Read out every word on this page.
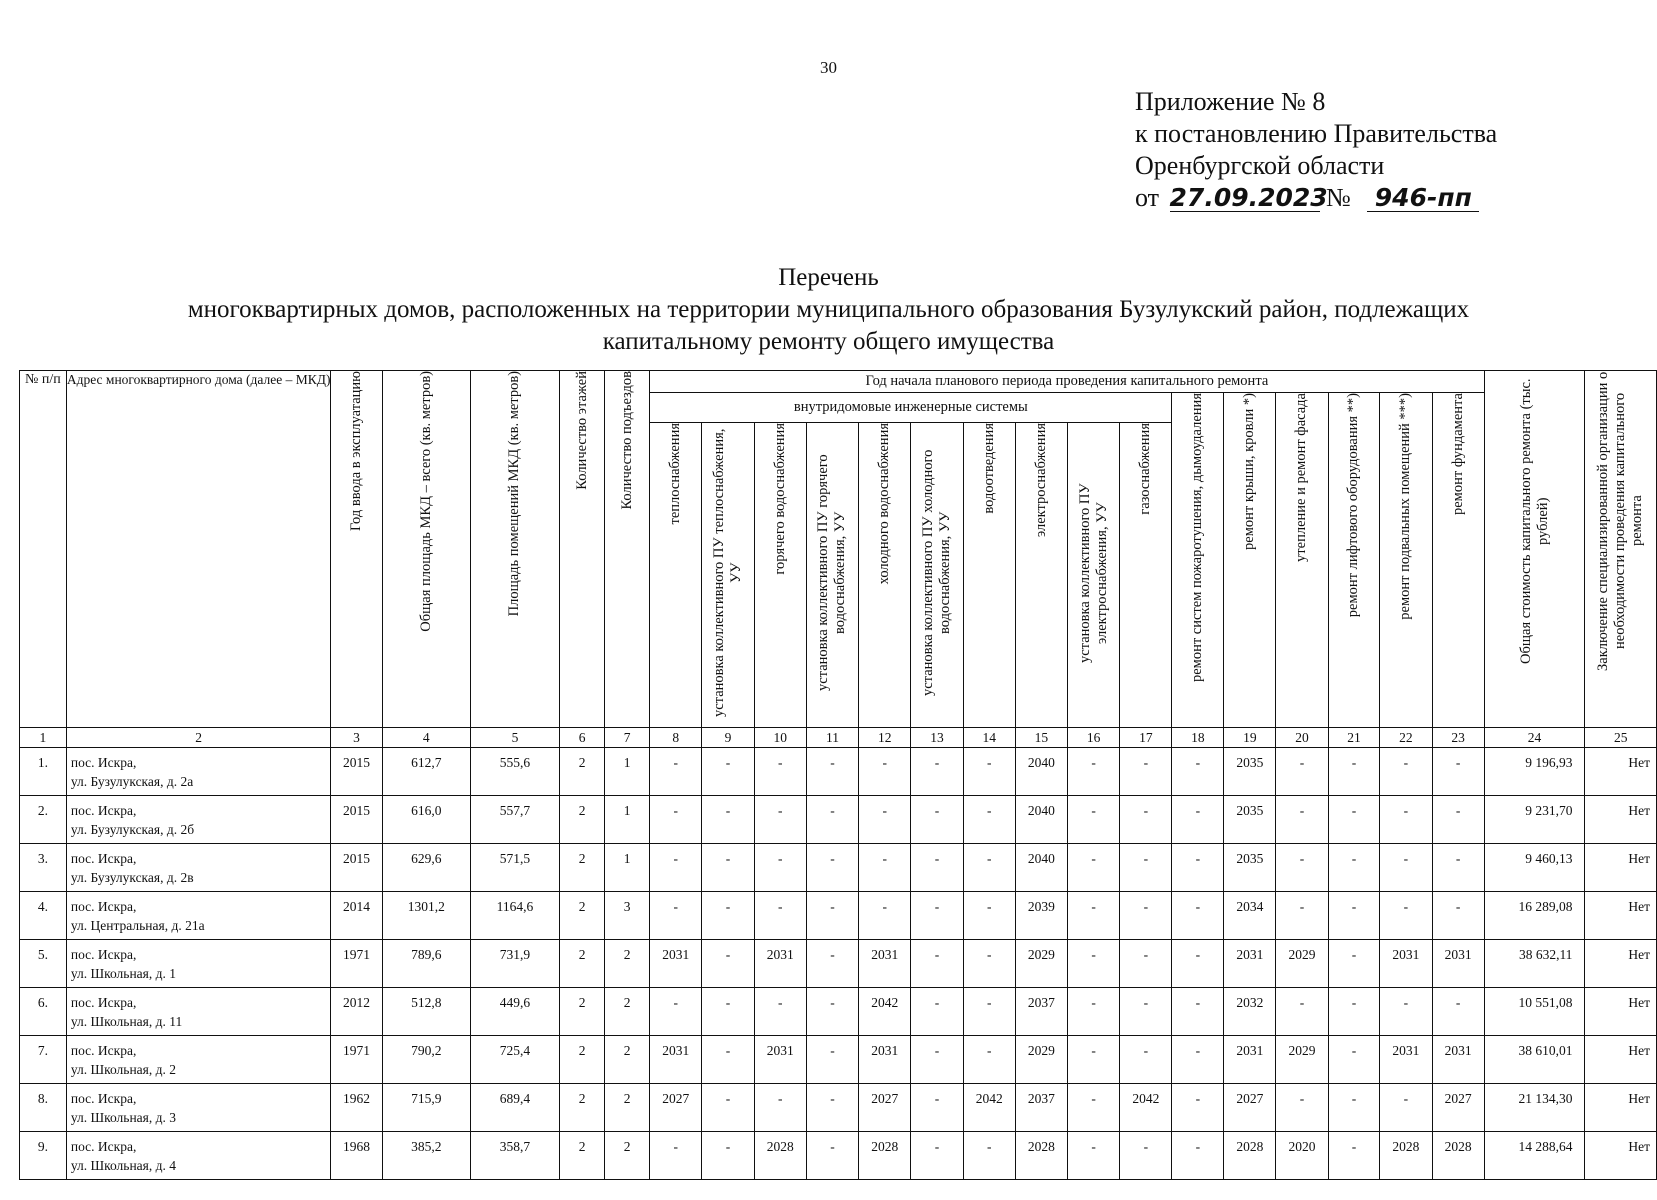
30
Приложение № 8
к постановлению Правительства
Оренбургской области
от 27.09.2023 № 946-пп
Перечень
многоквартирных домов, расположенных на территории муниципального образования Бузулукский район, подлежащих
капитальному ремонту общего имущества
№ п/п	Адрес многоквартирного дома (далее – МКД)	Год ввода в эксплуатацию	Общая площадь МКД – всего (кв. метров)	Площадь помещений МКД (кв. метров)	Количество этажей	Количество подъездов	Год начала планового периода проведения капитального ремонта																Общая стоимость капитального ремонта (тыс. рублей)	Заключение специализированной организации о необходимости проведения капитального ремонта
							внутридомовые инженерные системы										ремонт систем пожаротушения, дымоудаления	ремонт крыши, кровли *)	утепление и ремонт фасада	ремонт лифтового оборудования **)	ремонт подвальных помещений ***)	ремонт фундамента		
							теплоснабжения	установка коллективного ПУ теплоснабжения, УУ	горячего водоснабжения	установка коллективного ПУ горячего водоснабжения, УУ	холодного водоснабжения	установка коллективного ПУ холодного водоснабжения, УУ	водоотведения	электроснабжения	установка коллективного ПУ электроснабжения, УУ	газоснабжения								
1	2	3	4	5	6	7	8	9	10	11	12	13	14	15	16	17	18	19	20	21	22	23	24	25
1.	пос. Искра,
ул. Бузулукская, д. 2а	2015	612,7	555,6	2	1	-	-	-	-	-	-	-	2040	-	-	-	2035	-	-	-	-	9 196,93	Нет
2.	пос. Искра,
ул. Бузулукская, д. 2б	2015	616,0	557,7	2	1	-	-	-	-	-	-	-	2040	-	-	-	2035	-	-	-	-	9 231,70	Нет
3.	пос. Искра,
ул. Бузулукская, д. 2в	2015	629,6	571,5	2	1	-	-	-	-	-	-	-	2040	-	-	-	2035	-	-	-	-	9 460,13	Нет
4.	пос. Искра,
ул. Центральная, д. 21а	2014	1301,2	1164,6	2	3	-	-	-	-	-	-	-	2039	-	-	-	2034	-	-	-	-	16 289,08	Нет
5.	пос. Искра,
ул. Школьная, д. 1	1971	789,6	731,9	2	2	2031	-	2031	-	2031	-	-	2029	-	-	-	2031	2029	-	2031	2031	38 632,11	Нет
6.	пос. Искра,
ул. Школьная, д. 11	2012	512,8	449,6	2	2	-	-	-	-	2042	-	-	2037	-	-	-	2032	-	-	-	-	10 551,08	Нет
7.	пос. Искра,
ул. Школьная, д. 2	1971	790,2	725,4	2	2	2031	-	2031	-	2031	-	-	2029	-	-	-	2031	2029	-	2031	2031	38 610,01	Нет
8.	пос. Искра,
ул. Школьная, д. 3	1962	715,9	689,4	2	2	2027	-	-	-	2027	-	2042	2037	-	2042	-	2027	-	-	-	2027	21 134,30	Нет
9.	пос. Искра,
ул. Школьная, д. 4	1968	385,2	358,7	2	2	-	-	2028	-	2028	-	-	2028	-	-	-	2028	2020	-	2028	2028	14 288,64	Нет
